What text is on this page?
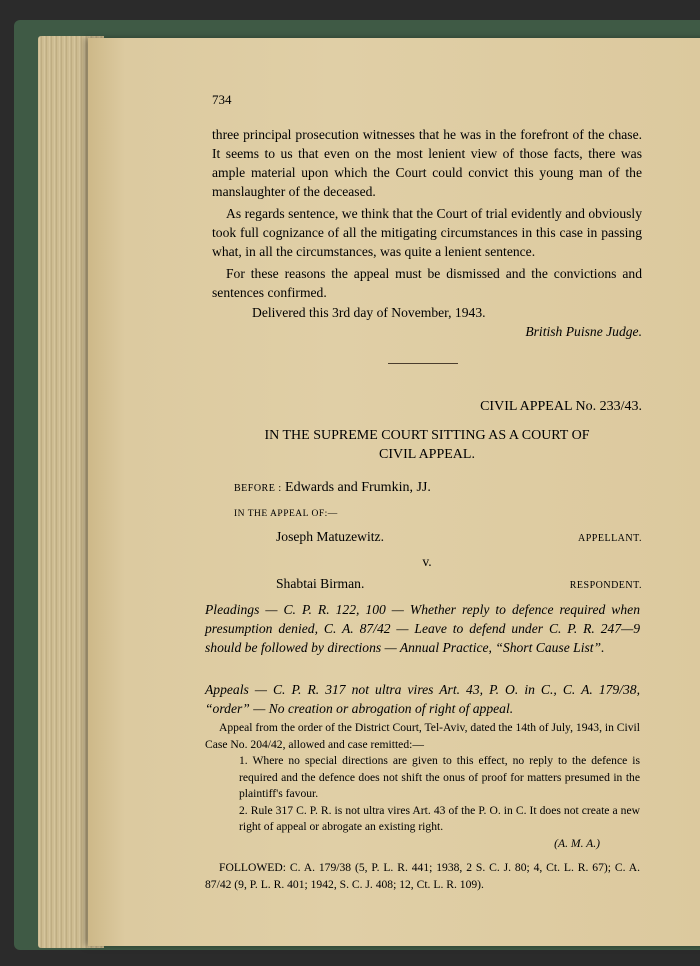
734

three principal prosecution witnesses that he was in the forefront of the chase. It seems to us that even on the most lenient view of those facts, there was ample material upon which the Court could convict this young man of the manslaughter of the deceased.

As regards sentence, we think that the Court of trial evidently and obviously took full cognizance of all the mitigating circumstances in this case in passing what, in all the circumstances, was quite a lenient sentence.

For these reasons the appeal must be dismissed and the convictions and sentences confirmed.

Delivered this 3rd day of November, 1943.

British Puisne Judge.

CIVIL APPEAL No. 233/43.
IN THE SUPREME COURT SITTING AS A COURT OF
CIVIL APPEAL.
BEFORE : Edwards and Frumkin, JJ.
IN THE APPEAL OF:—
Joseph Matuzewitz.	APPELLANT.
v.
Shabtai Birman.	RESPONDENT.
Pleadings — C. P. R. 122, 100 — Whether reply to defence required when presumption denied, C. A. 87/42 — Leave to defend under C. P. R. 247—9 should be followed by directions — Annual Practice, “Short Cause List”.
Appeals — C. P. R. 317 not ultra vires Art. 43, P. O. in C., C. A. 179/38, “order” — No creation or abrogation of right of appeal.

Appeal from the order of the District Court, Tel-Aviv, dated the 14th of July, 1943, in Civil Case No. 204/42, allowed and case remitted:—

1. Where no special directions are given to this effect, no reply to the defence is required and the defence does not shift the onus of proof for matters presumed in the plaintiff's favour.

2. Rule 317 C. P. R. is not ultra vires Art. 43 of the P. O. in C. It does not create a new right of appeal or abrogate an existing right.

(A. M. A.)

FOLLOWED: C. A. 179/38 (5, P. L. R. 441; 1938, 2 S. C. J. 80; 4, Ct. L. R. 67); C. A. 87/42 (9, P. L. R. 401; 1942, S. C. J. 408; 12, Ct. L. R. 109).
